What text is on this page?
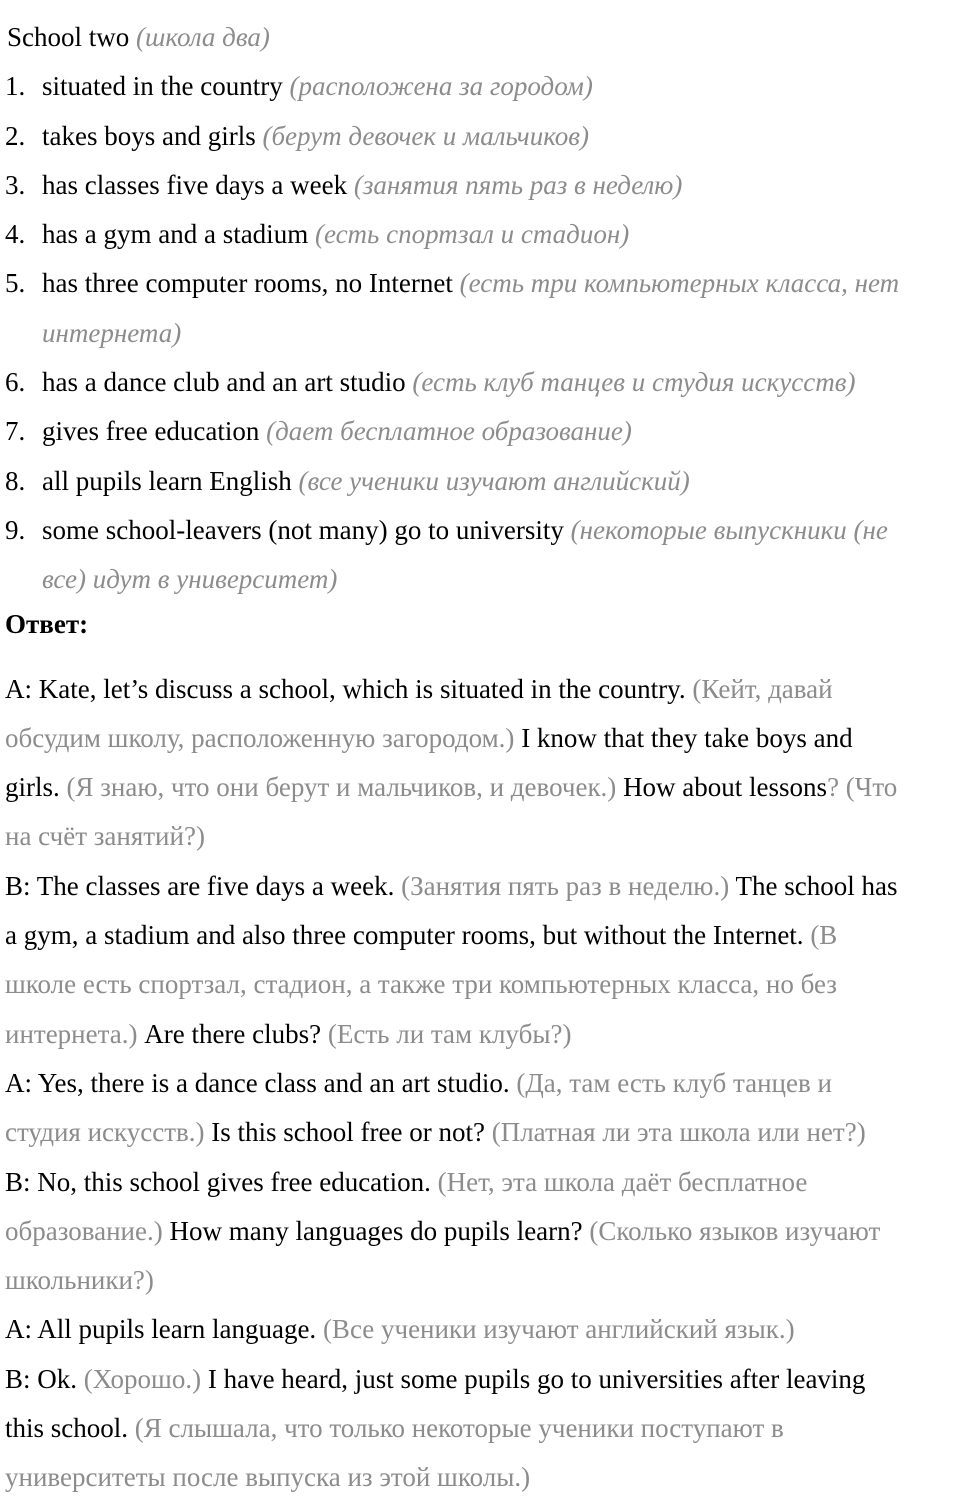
School two (школа два)
1. situated in the country (расположена за городом)
2. takes boys and girls (берут девочек и мальчиков)
3. has classes five days a week (занятия пять раз в неделю)
4. has a gym and a stadium (есть спортзал и стадион)
5. has three computer rooms, no Internet (есть три компьютерных класса, нет
интернета)
6. has a dance club and an art studio (есть клуб танцев и студия искусств)
7. gives free education (дает бесплатное образование)
8. all pupils learn English (все ученики изучают английский)
9. some school-leavers (not many) go to university (некоторые выпускники (не
все) идут в университет)
Ответ:
A: Kate, let’s discuss a school, which is situated in the country. (Кейт, давай
обсудим школу, расположенную загородом.) I know that they take boys and
girls. (Я знаю, что они берут и мальчиков, и девочек.) How about lessons? (Что
на счёт занятий?)
B: The classes are five days a week. (Занятия пять раз в неделю.) The school has
a gym, a stadium and also three computer rooms, but without the Internet. (В
школе есть спортзал, стадион, а также три компьютерных класса, но без
интернета.) Are there clubs? (Есть ли там клубы?)
A: Yes, there is a dance class and an art studio. (Да, там есть клуб танцев и
студия искусств.) Is this school free or not? (Платная ли эта школа или нет?)
B: No, this school gives free education. (Нет, эта школа даёт бесплатное
образование.) How many languages do pupils learn? (Сколько языков изучают
школьники?)
A: All pupils learn language. (Все ученики изучают английский язык.)
B: Ok. (Хорошо.) I have heard, just some pupils go to universities after leaving
this school. (Я слышала, что только некоторые ученики поступают в
университеты после выпуска из этой школы.)
